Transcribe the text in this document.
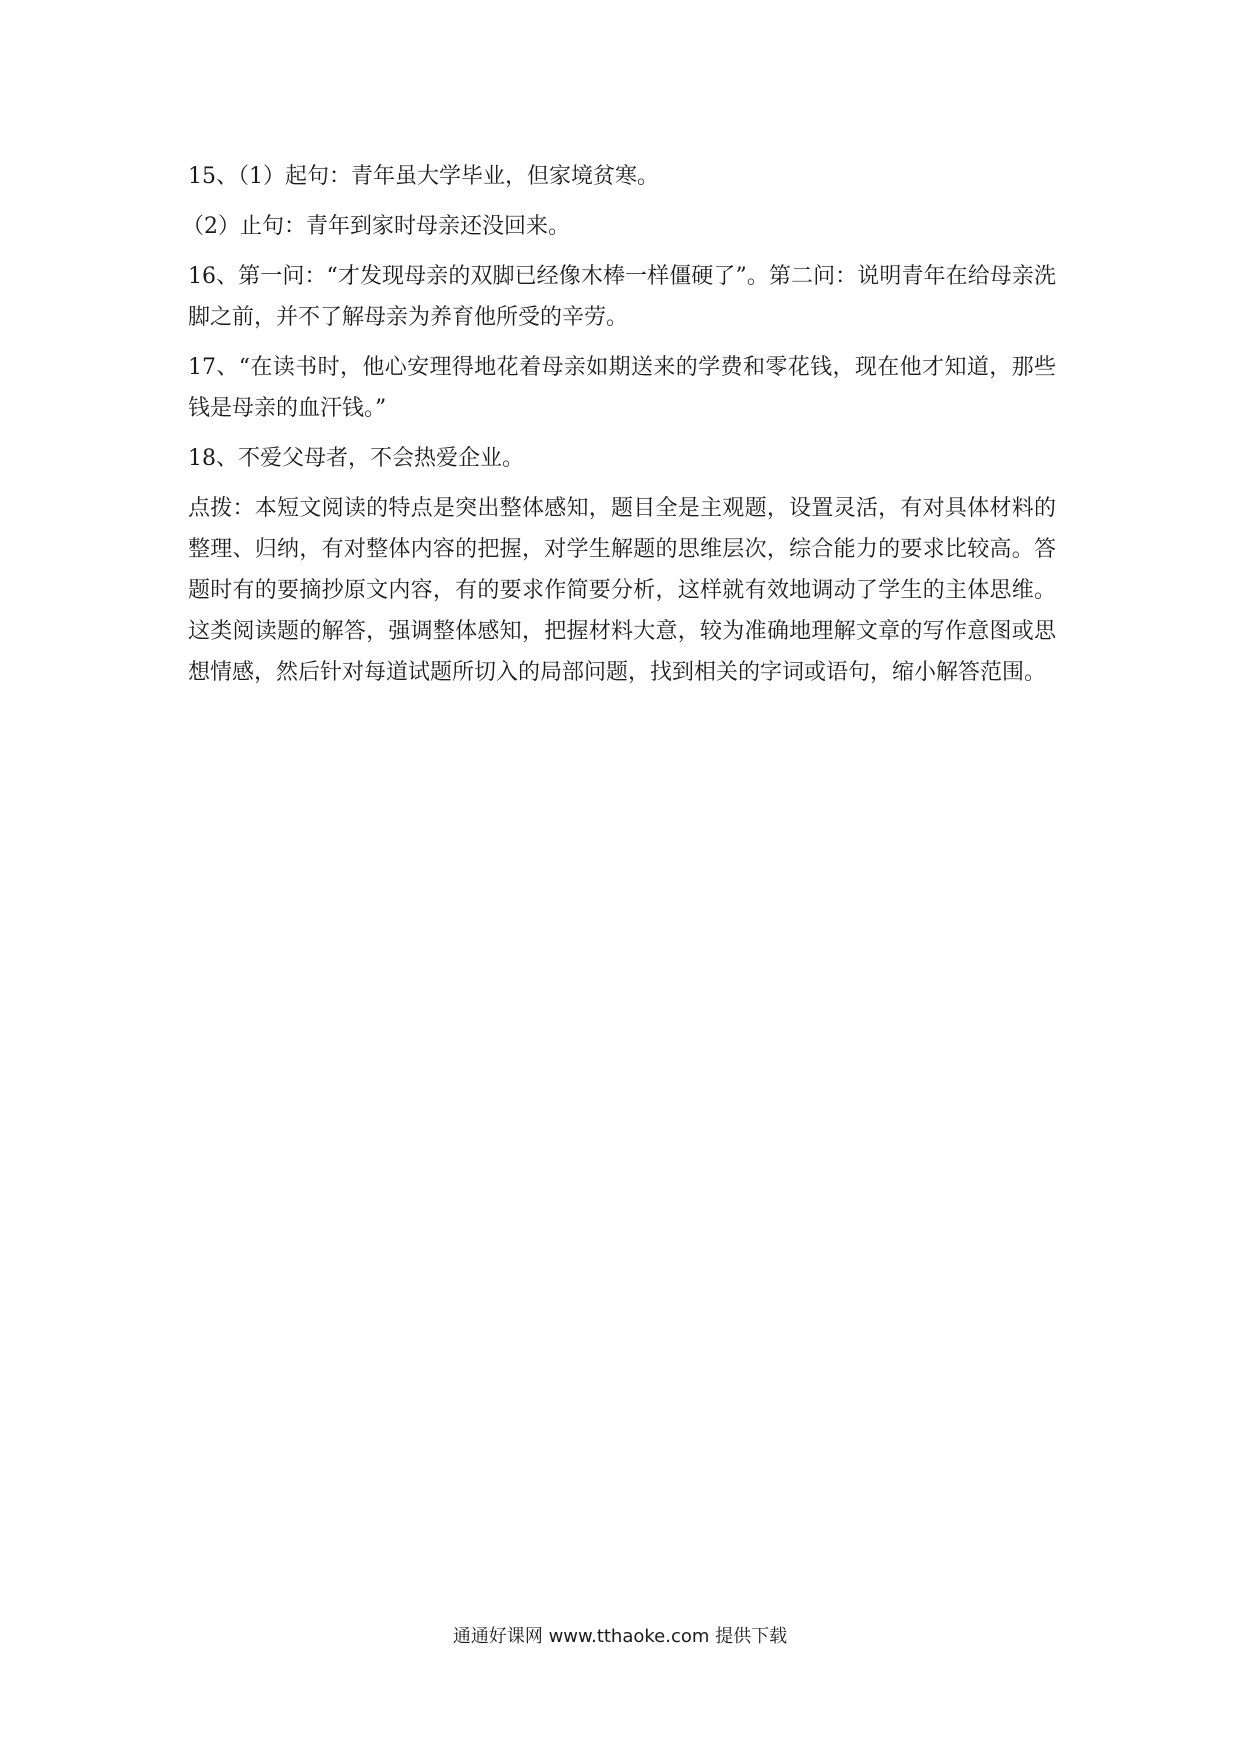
15、（1）起句：青年虽大学毕业，但家境贫寒。

（2）止句：青年到家时母亲还没回来。

16、第一问：“才发现母亲的双脚已经像木棒一样僵硬了”。第二问：说明青年在给母亲洗脚之前，并不了解母亲为养育他所受的辛劳。

17、“在读书时，他心安理得地花着母亲如期送来的学费和零花钱，现在他才知道，那些钱是母亲的血汗钱。”

18、不爱父母者，不会热爱企业。

点拨：本短文阅读的特点是突出整体感知，题目全是主观题，设置灵活，有对具体材料的整理、归纳，有对整体内容的把握，对学生解题的思维层次，综合能力的要求比较高。答题时有的要摘抄原文内容，有的要求作简要分析，这样就有效地调动了学生的主体思维。这类阅读题的解答，强调整体感知，把握材料大意，较为准确地理解文章的写作意图或思想情感，然后针对每道试题所切入的局部问题，找到相关的字词或语句，缩小解答范围。

通通好课网 www.tthaoke.com 提供下载
